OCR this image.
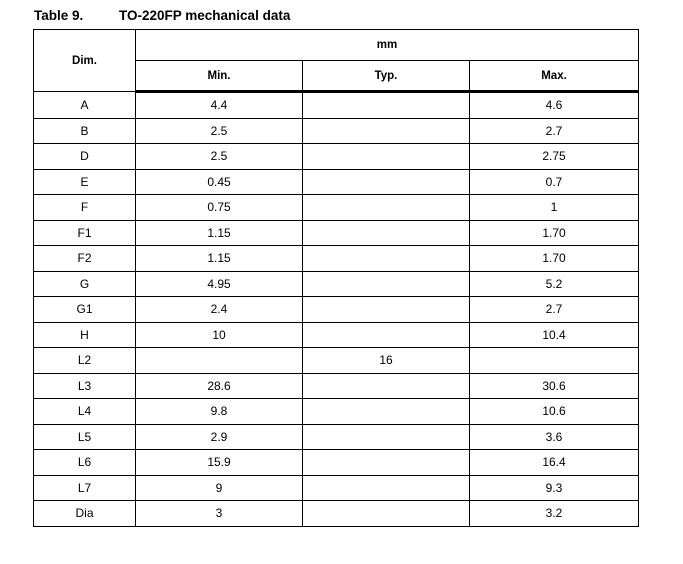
Table 9.	TO-220FP mechanical data
Dim.	mm		
	Min.	Typ.	Max.
A	4.4		4.6
B	2.5		2.7
D	2.5		2.75
E	0.45		0.7
F	0.75		1
F1	1.15		1.70
F2	1.15		1.70
G	4.95		5.2
G1	2.4		2.7
H	10		10.4
L2		16	
L3	28.6		30.6
L4	9.8		10.6
L5	2.9		3.6
L6	15.9		16.4
L7	9		9.3
Dia	3		3.2
